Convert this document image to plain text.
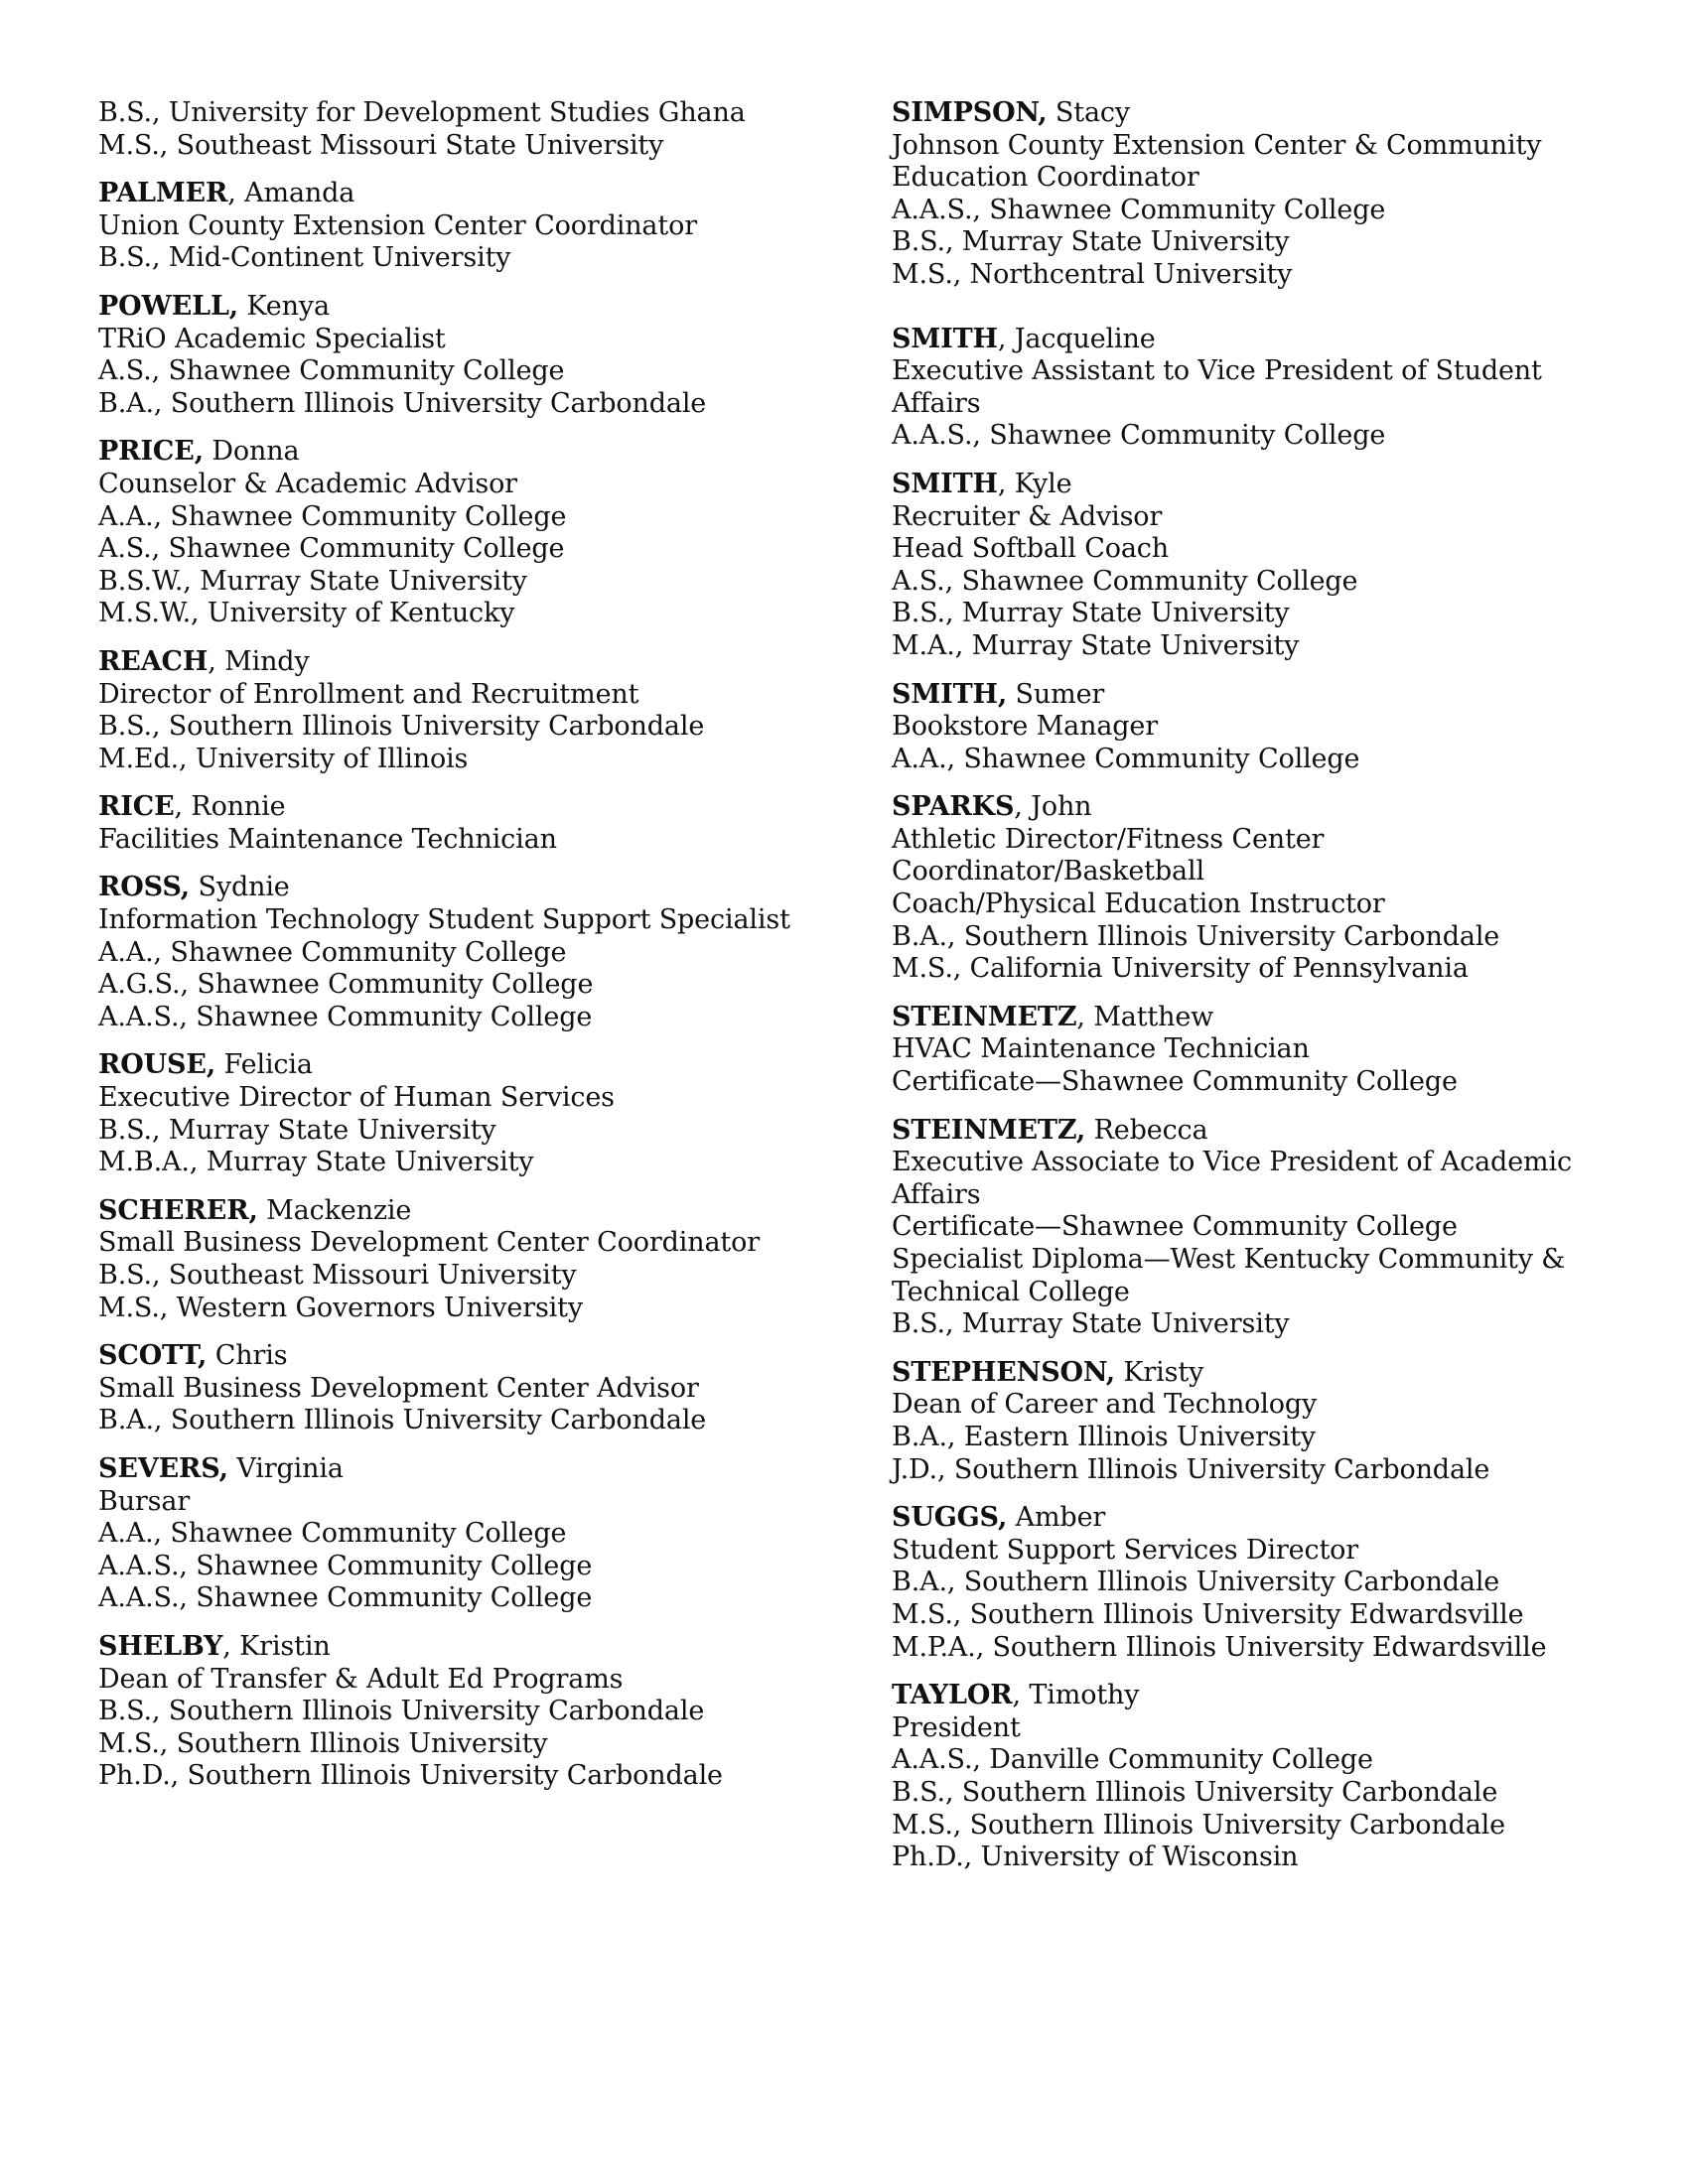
B.S., University for Development Studies Ghana
M.S., Southeast Missouri State University
PALMER, Amanda
Union County Extension Center Coordinator
B.S., Mid-Continent University
POWELL, Kenya
TRiO Academic Specialist
A.S., Shawnee Community College
B.A., Southern Illinois University Carbondale
PRICE, Donna
Counselor & Academic Advisor
A.A., Shawnee Community College
A.S., Shawnee Community College
B.S.W., Murray State University
M.S.W., University of Kentucky
REACH, Mindy
Director of Enrollment and Recruitment
B.S., Southern Illinois University Carbondale
M.Ed., University of Illinois
RICE, Ronnie
Facilities Maintenance Technician
ROSS, Sydnie
Information Technology Student Support Specialist
A.A., Shawnee Community College
A.G.S., Shawnee Community College
A.A.S., Shawnee Community College
ROUSE, Felicia
Executive Director of Human Services
B.S., Murray State University
M.B.A., Murray State University
SCHERER, Mackenzie
Small Business Development Center Coordinator
B.S., Southeast Missouri University
M.S., Western Governors University
SCOTT, Chris
Small Business Development Center Advisor
B.A., Southern Illinois University Carbondale
SEVERS, Virginia
Bursar
A.A., Shawnee Community College
A.A.S., Shawnee Community College
A.A.S., Shawnee Community College
SHELBY, Kristin
Dean of Transfer & Adult Ed Programs
B.S., Southern Illinois University Carbondale
M.S., Southern Illinois University
Ph.D., Southern Illinois University Carbondale
SIMPSON, Stacy
Johnson County Extension Center & Community
Education Coordinator
A.A.S., Shawnee Community College
B.S., Murray State University
M.S., Northcentral University
SMITH, Jacqueline
Executive Assistant to Vice President of Student
Affairs
A.A.S., Shawnee Community College
SMITH, Kyle
Recruiter & Advisor
Head Softball Coach
A.S., Shawnee Community College
B.S., Murray State University
M.A., Murray State University
SMITH, Sumer
Bookstore Manager
A.A., Shawnee Community College
SPARKS, John
Athletic Director/Fitness Center
Coordinator/Basketball
Coach/Physical Education Instructor
B.A., Southern Illinois University Carbondale
M.S., California University of Pennsylvania
STEINMETZ, Matthew
HVAC Maintenance Technician
Certificate—Shawnee Community College
STEINMETZ, Rebecca
Executive Associate to Vice President of Academic
Affairs
Certificate—Shawnee Community College
Specialist Diploma—West Kentucky Community &
Technical College
B.S., Murray State University
STEPHENSON, Kristy
Dean of Career and Technology
B.A., Eastern Illinois University
J.D., Southern Illinois University Carbondale
SUGGS, Amber
Student Support Services Director
B.A., Southern Illinois University Carbondale
M.S., Southern Illinois University Edwardsville
M.P.A., Southern Illinois University Edwardsville
TAYLOR, Timothy
President
A.A.S., Danville Community College
B.S., Southern Illinois University Carbondale
M.S., Southern Illinois University Carbondale
Ph.D., University of Wisconsin
